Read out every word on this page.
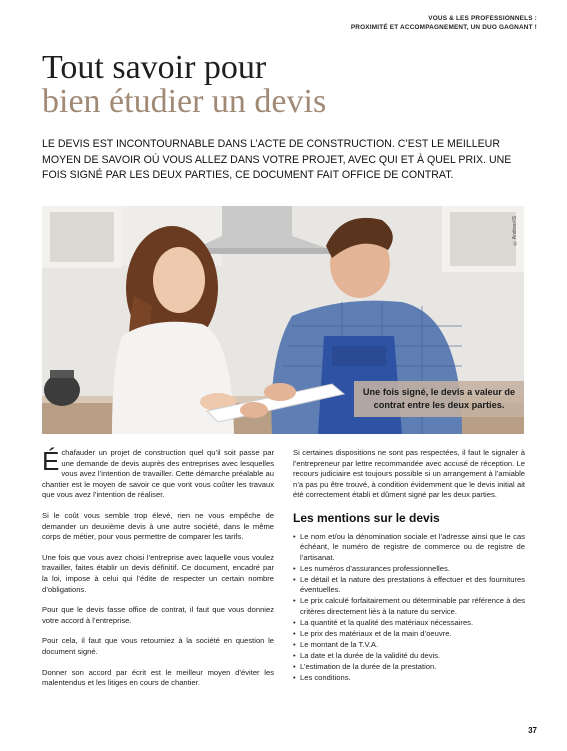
VOUS & LES PROFESSIONNELS :
PROXIMITÉ ET ACCOMPAGNEMENT, UN DUO GAGNANT !
Tout savoir pour
bien étudier un devis

LE DEVIS EST INCONTOURNABLE DANS L’ACTE DE CONSTRUCTION. C’EST LE MEILLEUR MOYEN DE SAVOIR OÙ VOUS ALLEZ DANS VOTRE PROJET, AVEC QUI ET À QUEL PRIX. UNE FOIS SIGNÉ PAR LES DEUX PARTIES, CE DOCUMENT FAIT OFFICE DE CONTRAT.

©Andresr/iS
Une fois signé, le devis a valeur de contrat entre les deux parties.

Échafauder un projet de construction quel qu’il soit passe par une demande de devis auprès des entreprises avec lesquelles vous avez l’intention de travailler. Cette démarche préalable au chantier est le moyen de savoir ce que vont vous coûter les travaux que vous avez l’intention de réaliser.

Si le coût vous semble trop élevé, rien ne vous empêche de demander un deuxième devis à une autre société, dans le même corps de métier, pour vous permettre de comparer les tarifs.

Une fois que vous avez choisi l’entreprise avec laquelle vous voulez travailler, faites établir un devis définitif. Ce document, encadré par la loi, impose à celui qui l’édite de respecter un certain nombre d’obligations.

Pour que le devis fasse office de contrat, il faut que vous donniez votre accord à l’entreprise.

Pour cela, il faut que vous retourniez à la société en question le document signé.

Donner son accord par écrit est le meilleur moyen d’éviter les malentendus et les litiges en cours de chantier.

Si certaines dispositions ne sont pas respectées, il faut le signaler à l’entrepreneur par lettre recommandée avec accusé de réception. Le recours judiciaire est toujours possible si un arrangement à l’amiable n’a pas pu être trouvé, à condition évidemment que le devis initial ait été correctement établi et dûment signé par les deux parties.

Les mentions sur le devis
• Le nom et/ou la dénomination sociale et l’adresse ainsi que le cas échéant, le numéro de registre de commerce ou de registre de l’artisanat.
• Les numéros d’assurances professionnelles.
• Le détail et la nature des prestations à effectuer et des fournitures éventuelles.
• Le prix calculé forfaitairement ou déterminable par référence à des critères directement liés à la nature du service.
• La quantité et la qualité des matériaux nécessaires.
• Le prix des matériaux et de la main d’oeuvre.
• Le montant de la T.V.A.
• La date et la durée de la validité du devis.
• L’estimation de la durée de la prestation.
• Les conditions.
37
